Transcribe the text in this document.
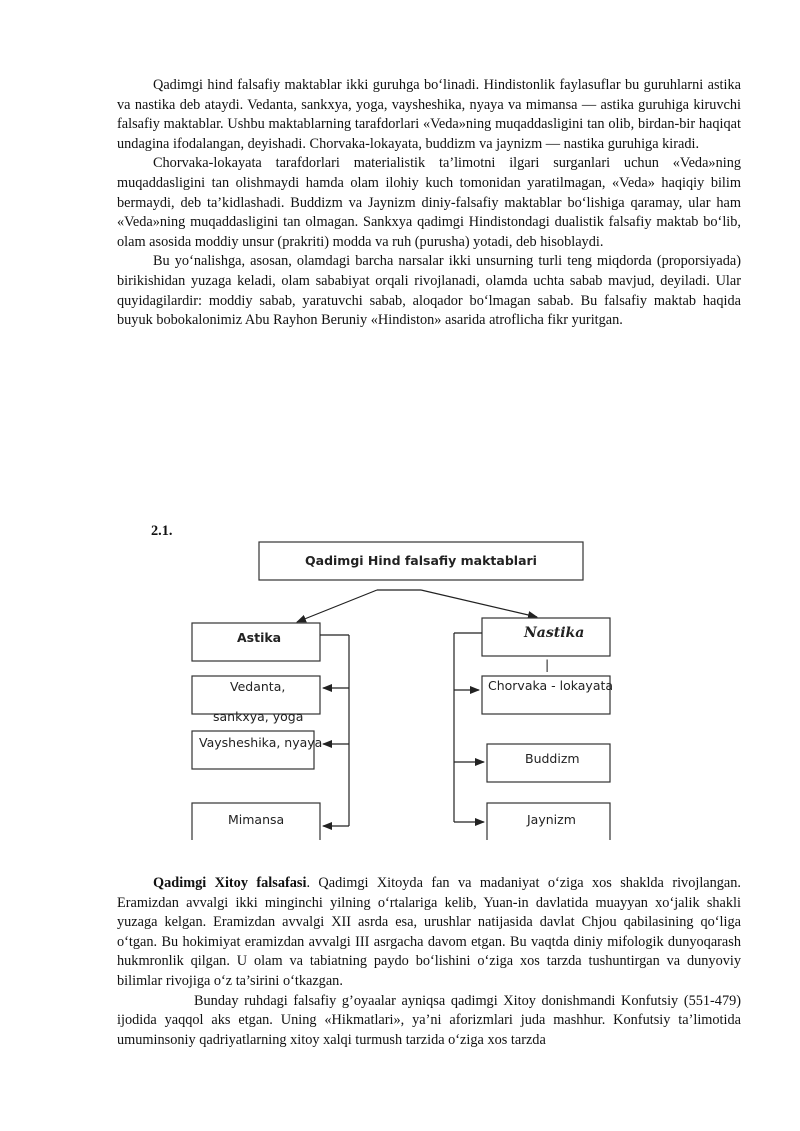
Qadimgi hind falsafiy maktablar ikki guruhga bo‘linadi. Hindistonlik faylasuflar bu guruhlarni astika va nastika deb ataydi. Vedanta, sankxya, yoga, vaysheshika, nyaya va mimansa — astika guruhiga kiruvchi falsafiy maktablar. Ushbu maktablarning tarafdorlari «Veda»ning muqaddasligini tan olib, birdan-bir haqiqat undagina ifodalangan, deyishadi. Chorvaka-lokayata, buddizm va jaynizm — nastika guruhiga kiradi.

Chorvaka-lokayata tarafdorlari materialistik ta’limotni ilgari surganlari uchun «Veda»ning muqaddasligini tan olishmaydi hamda olam ilohiy kuch tomonidan yaratilmagan, «Veda» haqiqiy bilim bermaydi, deb ta’kidlashadi. Buddizm va Jaynizm diniy-falsafiy maktablar bo‘lishiga qaramay, ular ham «Veda»ning muqaddasligini tan olmagan. Sankxya qadimgi Hindistondagi dualistik falsafiy maktab bo‘lib, olam asosida moddiy unsur (prakriti) modda va ruh (purusha) yotadi, deb hisoblaydi.

Bu yo‘nalishga, asosan, olamdagi barcha narsalar ikki unsurning turli teng miqdorda (proporsiyada) birikishidan yuzaga keladi, olam sababiyat orqali rivojlanadi, olamda uchta sabab mavjud, deyiladi. Ular quyidagilardir: moddiy sabab, yaratuvchi sabab, aloqador bo‘lmagan sabab. Bu falsafiy maktab haqida buyuk bobokalonimiz Abu Rayhon Beruniy «Hindiston» asarida atroflicha fikr yuritgan.

2.1.
Qadimgi Hind falsafiy maktablari
Astika
Vedanta,
sankxya, yoga
Vaysheshika, nyaya
Mimansa
Nastika
|
Chorvaka - lokayata
Buddizm
Jaynizm

Qadimgi Xitoy falsafasi. Qadimgi Xitoyda fan va madaniyat o‘ziga xos shaklda rivojlangan. Eramizdan avvalgi ikki minginchi yilning o‘rtalariga kelib, Yuan-in davlatida muayyan xo‘jalik shakli yuzaga kelgan. Eramizdan avvalgi XII asrda esa, urushlar natijasida davlat Chjou qabilasining qo‘liga o‘tgan. Bu hokimiyat eramizdan avvalgi III asrgacha davom etgan. Bu vaqtda diniy mifologik dunyoqarash hukmronlik qilgan. U olam va tabiatning paydo bo‘lishini o‘ziga xos tarzda tushuntirgan va dunyoviy bilimlar rivojiga o‘z ta’sirini o‘tkazgan.

Bunday ruhdagi falsafiy g’oyaalar ayniqsa qadimgi Xitoy donishmandi Konfutsiy (551-479) ijodida yaqqol aks etgan. Uning «Hikmatlari», ya’ni aforizmlari juda mashhur. Konfutsiy ta’limotida umuminsoniy qadriyatlarning xitoy xalqi turmush tarzida o‘ziga xos tarzda
